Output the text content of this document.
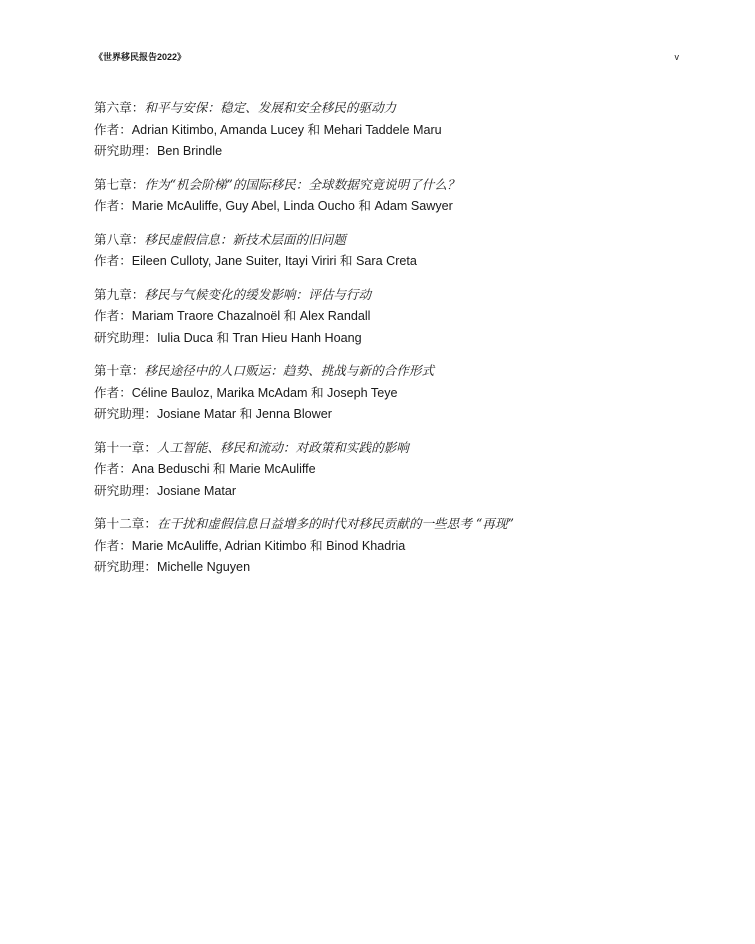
《世界移民报告2022》	v
第六章：和平与安保：稳定、发展和安全移民的驱动力
作者：Adrian Kitimbo, Amanda Lucey 和 Mehari Taddele Maru
研究助理：Ben Brindle
第七章：作为“机会阶梯”的国际移民：全球数据究竟说明了什么？
作者：Marie McAuliffe, Guy Abel, Linda Oucho 和 Adam Sawyer
第八章：移民虚假信息：新技术层面的旧问题
作者：Eileen Culloty, Jane Suiter, Itayi Viriri 和 Sara Creta
第九章：移民与气候变化的缓发影响：评估与行动
作者：Mariam Traore Chazalnoël 和 Alex Randall
研究助理：Iulia Duca 和 Tran Hieu Hanh Hoang
第十章：移民途径中的人口贩运：趋势、挑战与新的合作形式
作者：Céline Bauloz, Marika McAdam 和 Joseph Teye
研究助理：Josiane Matar 和 Jenna Blower
第十一章：人工智能、移民和流动：对政策和实践的影响
作者：Ana Beduschi 和 Marie McAuliffe
研究助理：Josiane Matar
第十二章：在干扰和虚假信息日益增多的时代对移民贡献的一些思考 “再现”
作者：Marie McAuliffe, Adrian Kitimbo 和 Binod Khadria
研究助理：Michelle Nguyen
